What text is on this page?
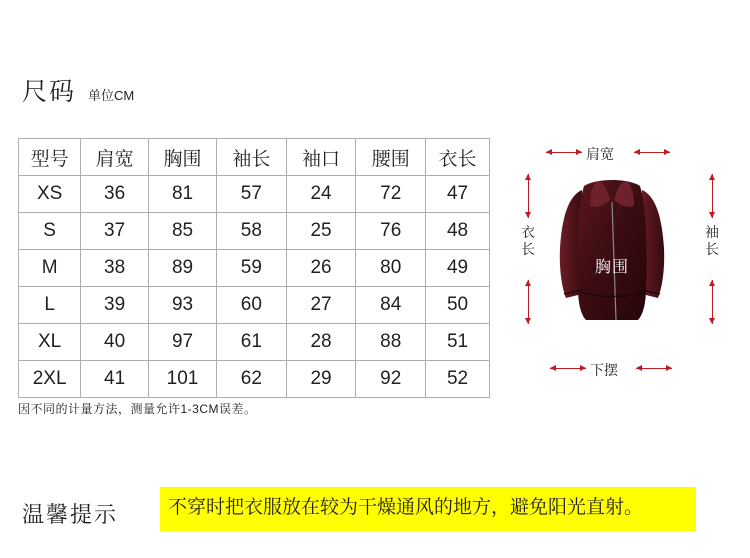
尺码 单位CM
型号	肩宽	胸围	袖长	袖口	腰围	衣长
XS	36	81	57	24	72	47
S	37	85	58	25	76	48
M	38	89	59	26	80	49
L	39	93	60	27	84	50
XL	40	97	61	28	88	51
2XL	41	101	62	29	92	52
因不同的计量方法，测量允许1-3CM误差。
肩宽
下摆
衣长
袖长
胸围
温馨提示	不穿时把衣服放在较为干燥通风的地方，避免阳光直射。
